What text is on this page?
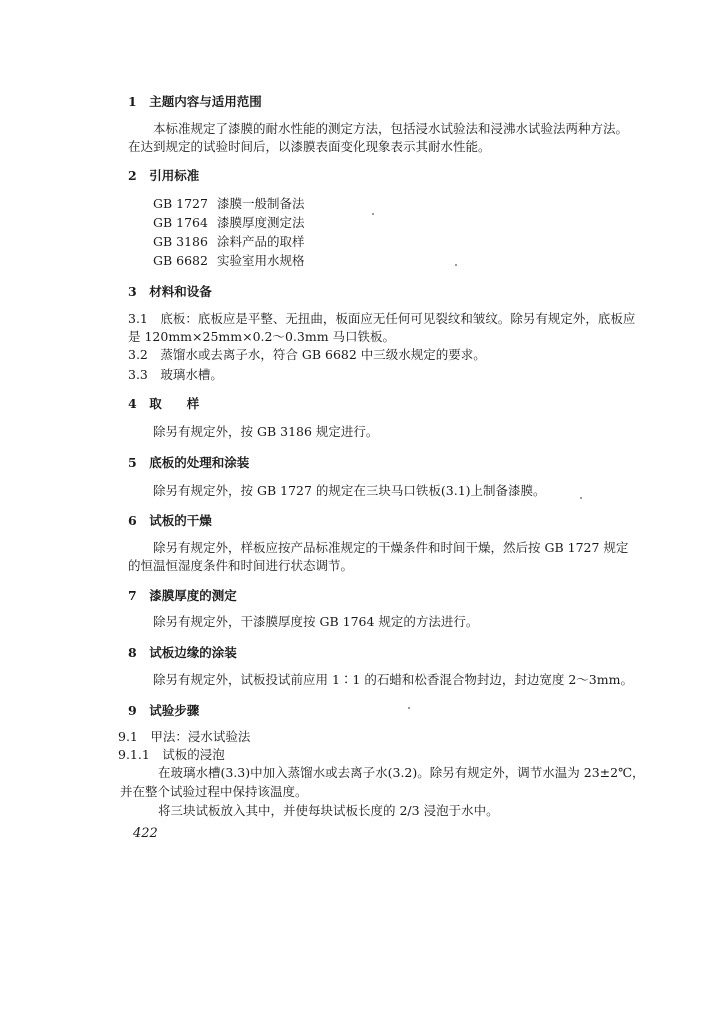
1　主题内容与适用范围
本标准规定了漆膜的耐水性能的测定方法，包括浸水试验法和浸沸水试验法两种方法。
在达到规定的试验时间后，以漆膜表面变化现象表示其耐水性能。
2　引用标准
GB 1727 漆膜一般制备法
GB 1764 漆膜厚度测定法
GB 3186 涂料产品的取样
GB 6682 实验室用水规格
3　材料和设备
3.1　底板：底板应是平整、无扭曲，板面应无任何可见裂纹和皱纹。除另有规定外，底板应
是 120mm×25mm×0.2～0.3mm 马口铁板。
3.2　蒸馏水或去离子水，符合 GB 6682 中三级水规定的要求。
3.3　玻璃水槽。
4　取　　样
除另有规定外，按 GB 3186 规定进行。
5　底板的处理和涂装
除另有规定外，按 GB 1727 的规定在三块马口铁板(3.1)上制备漆膜。
6　试板的干燥
除另有规定外，样板应按产品标准规定的干燥条件和时间干燥，然后按 GB 1727 规定
的恒温恒湿度条件和时间进行状态调节。
7　漆膜厚度的测定
除另有规定外，干漆膜厚度按 GB 1764 规定的方法进行。
8　试板边缘的涂装
除另有规定外，试板投试前应用 1∶1 的石蜡和松香混合物封边，封边宽度 2～3mm。
9　试验步骤
9.1　甲法：浸水试验法
9.1.1　试板的浸泡
在玻璃水槽(3.3)中加入蒸馏水或去离子水(3.2)。除另有规定外，调节水温为 23±2℃，
并在整个试验过程中保持该温度。
将三块试板放入其中，并使每块试板长度的 2/3 浸泡于水中。
422
